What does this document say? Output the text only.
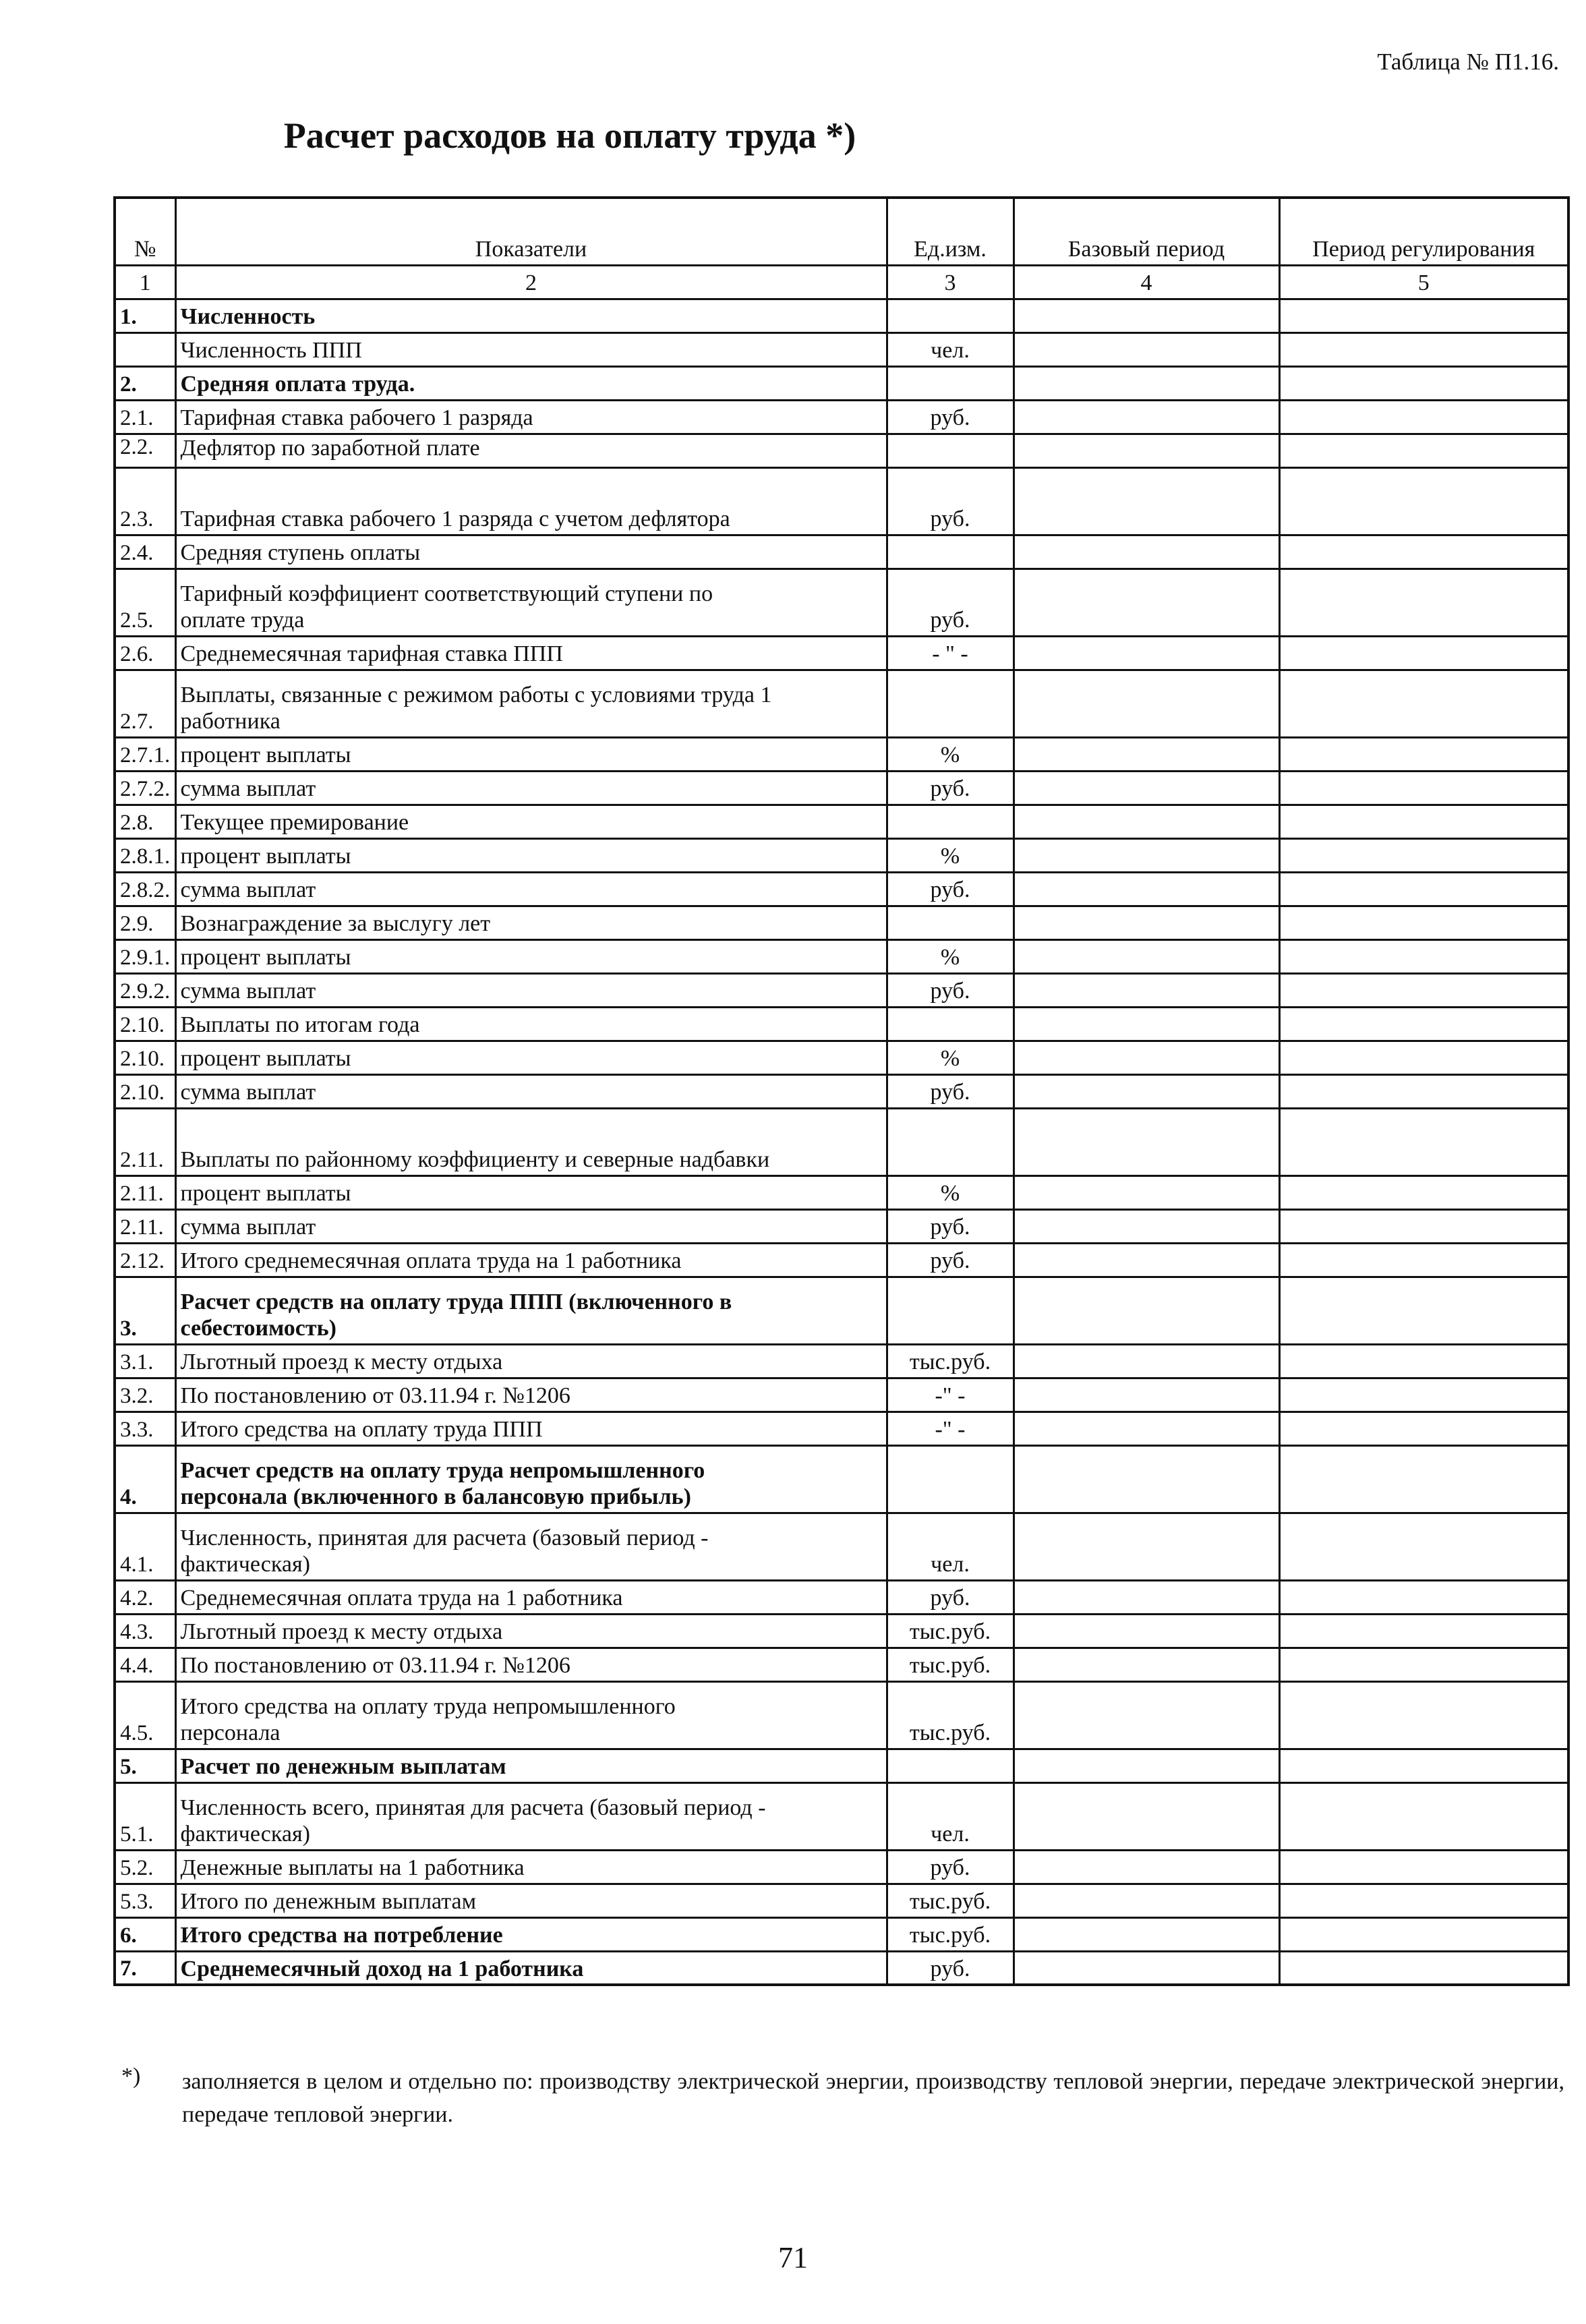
Таблица № П1.16.
Расчет расходов на оплату труда *)
№	Показатели	Ед.изм.	Базовый период	Период регулирования
1	2	3	4	5
1.	Численность			
	Численность ППП	чел.		
2.	Средняя оплата труда.			
2.1.	Тарифная ставка рабочего 1 разряда	руб.		
2.2.	Дефлятор по заработной плате			
2.3.	Тарифная ставка рабочего 1 разряда с учетом дефлятора	руб.		
2.4.	Средняя ступень оплаты			
2.5.	Тарифный коэффициент соответствующий ступени по
оплате труда	руб.		
2.6.	Среднемесячная тарифная ставка ППП	- " -		
2.7.	Выплаты, связанные с режимом работы с условиями труда 1
работника			
2.7.1.	процент выплаты	%		
2.7.2.	сумма выплат	руб.		
2.8.	Текущее премирование			
2.8.1.	процент выплаты	%		
2.8.2.	сумма выплат	руб.		
2.9.	Вознаграждение за выслугу лет			
2.9.1.	процент выплаты	%		
2.9.2.	сумма выплат	руб.		
2.10.	Выплаты по итогам года			
2.10.	процент выплаты	%		
2.10.	сумма выплат	руб.		
2.11.	Выплаты по районному коэффициенту и северные надбавки			
2.11.	процент выплаты	%		
2.11.	сумма выплат	руб.		
2.12.	Итого среднемесячная оплата труда на 1 работника	руб.		
3.	Расчет средств на оплату труда ППП (включенного в
себестоимость)			
3.1.	Льготный проезд к месту отдыха	тыс.руб.		
3.2.	По постановлению от 03.11.94 г. №1206	-" -		
3.3.	Итого средства на оплату труда ППП	-" -		
4.	Расчет средств на оплату труда непромышленного
персонала (включенного в балансовую прибыль)			
4.1.	Численность, принятая для расчета (базовый период -
фактическая)	чел.		
4.2.	Среднемесячная оплата труда на 1 работника	руб.		
4.3.	Льготный проезд к месту отдыха	тыс.руб.		
4.4.	По постановлению от 03.11.94 г. №1206	тыс.руб.		
4.5.	Итого средства на оплату труда непромышленного
персонала	тыс.руб.		
5.	Расчет по денежным выплатам			
5.1.	Численность всего, принятая для расчета (базовый период -
фактическая)	чел.		
5.2.	Денежные выплаты на 1 работника	руб.		
5.3.	Итого по денежным выплатам	тыс.руб.		
6.	Итого средства на потребление	тыс.руб.		
7.	Среднемесячный доход на 1 работника	руб.		
*) заполняется в целом и отдельно по: производству электрической энергии, производству тепловой энергии, передаче электрической энергии, передаче тепловой энергии.
71
